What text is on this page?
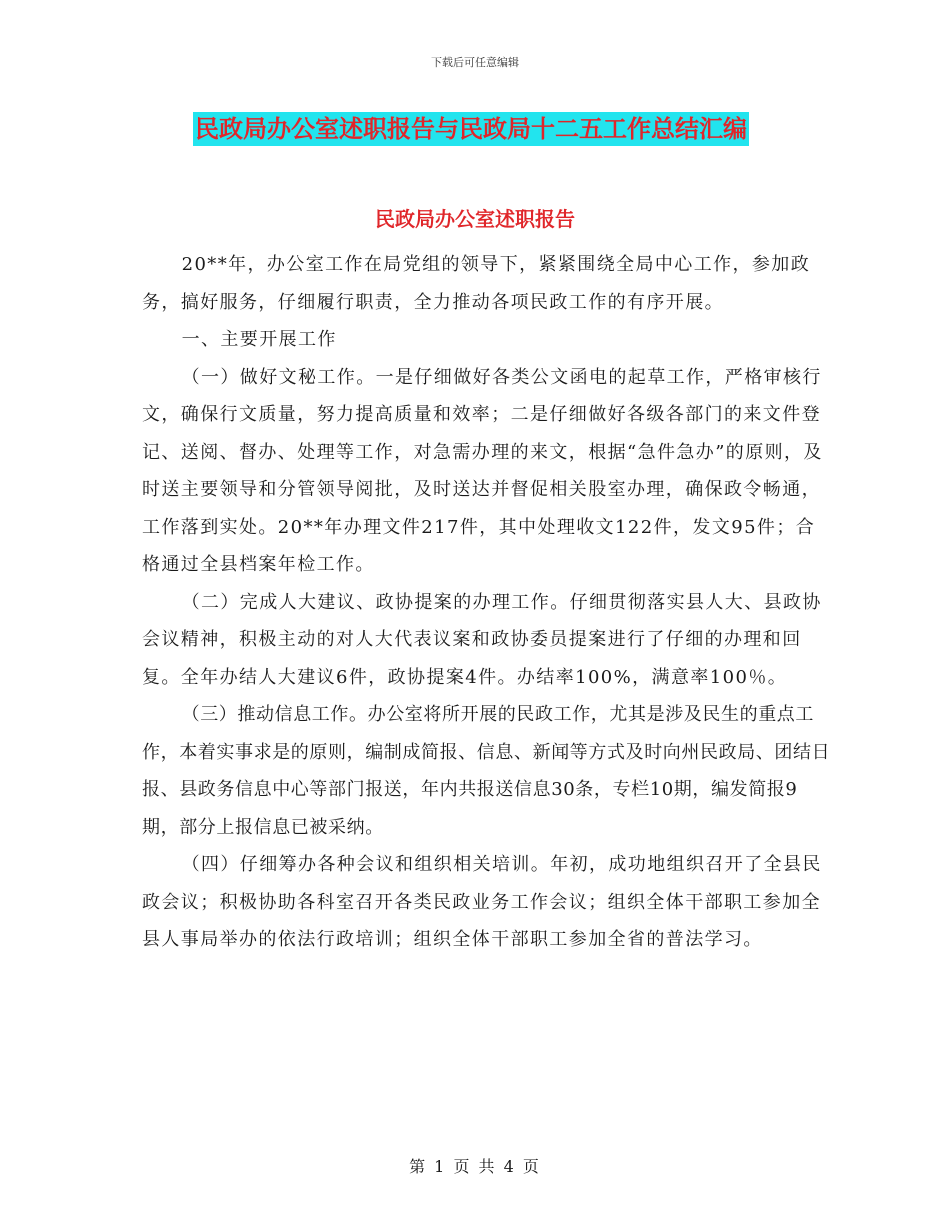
下载后可任意编辑
民政局办公室述职报告与民政局十二五工作总结汇编
民政局办公室述职报告

20**年，办公室工作在局党组的领导下，紧紧围绕全局中心工作，参加政务，搞好服务，仔细履行职责，全力推动各项民政工作的有序开展。

一、主要开展工作

（一）做好文秘工作。一是仔细做好各类公文函电的起草工作，严格审核行文，确保行文质量，努力提高质量和效率；二是仔细做好各级各部门的来文件登记、送阅、督办、处理等工作，对急需办理的来文，根据“急件急办”的原则，及时送主要领导和分管领导阅批，及时送达并督促相关股室办理，确保政令畅通，工作落到实处。20**年办理文件217件，其中处理收文122件，发文95件；合格通过全县档案年检工作。

（二）完成人大建议、政协提案的办理工作。仔细贯彻落实县人大、县政协会议精神，积极主动的对人大代表议案和政协委员提案进行了仔细的办理和回复。全年办结人大建议6件，政协提案4件。办结率100%，满意率100％。

（三）推动信息工作。办公室将所开展的民政工作，尤其是涉及民生的重点工作，本着实事求是的原则，编制成简报、信息、新闻等方式及时向州民政局、团结日报、县政务信息中心等部门报送，年内共报送信息30条，专栏10期，编发简报9期，部分上报信息已被采纳。

（四）仔细筹办各种会议和组织相关培训。年初，成功地组织召开了全县民政会议；积极协助各科室召开各类民政业务工作会议；组织全体干部职工参加全县人事局举办的依法行政培训；组织全体干部职工参加全省的普法学习。

第 1 页 共 4 页
